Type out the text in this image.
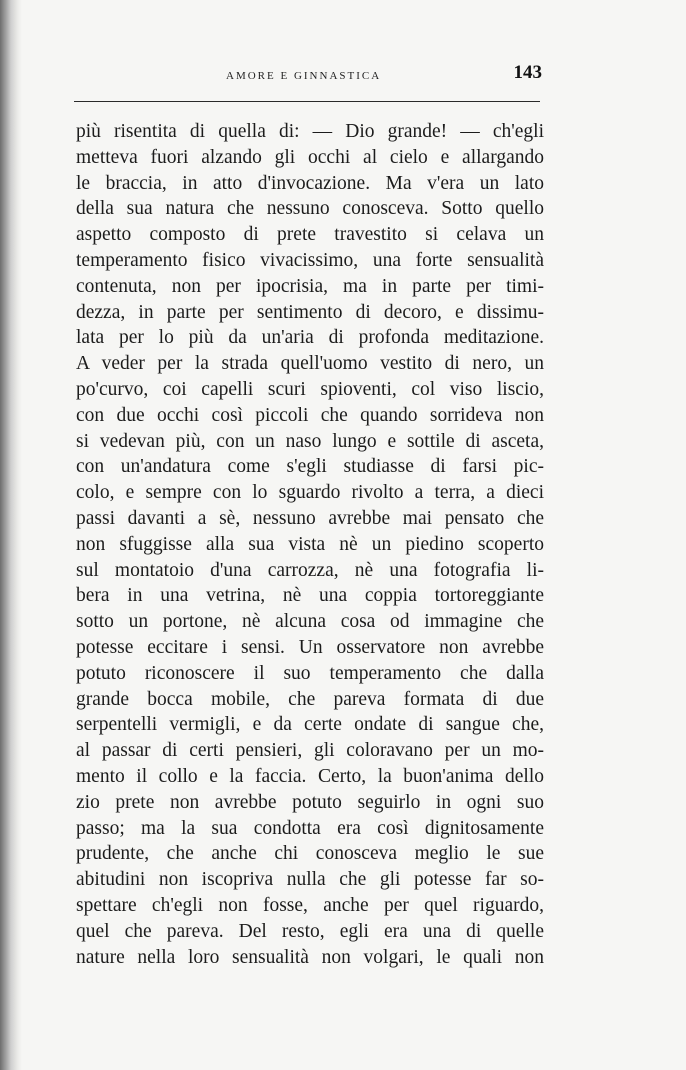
AMORE E GINNASTICA	143
più risentita di quella di: — Dio grande! — ch'egli
metteva fuori alzando gli occhi al cielo e allargando
le braccia, in atto d'invocazione. Ma v'era un lato
della sua natura che nessuno conosceva. Sotto quello
aspetto composto di prete travestito si celava un
temperamento fisico vivacissimo, una forte sensualità
contenuta, non per ipocrisia, ma in parte per timi-
dezza, in parte per sentimento di decoro, e dissimu-
lata per lo più da un'aria di profonda meditazione.
A veder per la strada quell'uomo vestito di nero, un
po'curvo, coi capelli scuri spioventi, col viso liscio,
con due occhi così piccoli che quando sorrideva non
si vedevan più, con un naso lungo e sottile di asceta,
con un'andatura come s'egli studiasse di farsi pic-
colo, e sempre con lo sguardo rivolto a terra, a dieci
passi davanti a sè, nessuno avrebbe mai pensato che
non sfuggisse alla sua vista nè un piedino scoperto
sul montatoio d'una carrozza, nè una fotografia li-
bera in una vetrina, nè una coppia tortoreggiante
sotto un portone, nè alcuna cosa od immagine che
potesse eccitare i sensi. Un osservatore non avrebbe
potuto riconoscere il suo temperamento che dalla
grande bocca mobile, che pareva formata di due
serpentelli vermigli, e da certe ondate di sangue che,
al passar di certi pensieri, gli coloravano per un mo-
mento il collo e la faccia. Certo, la buon'anima dello
zio prete non avrebbe potuto seguirlo in ogni suo
passo; ma la sua condotta era così dignitosamente
prudente, che anche chi conosceva meglio le sue
abitudini non iscopriva nulla che gli potesse far so-
spettare ch'egli non fosse, anche per quel riguardo,
quel che pareva. Del resto, egli era una di quelle
nature nella loro sensualità non volgari, le quali non
